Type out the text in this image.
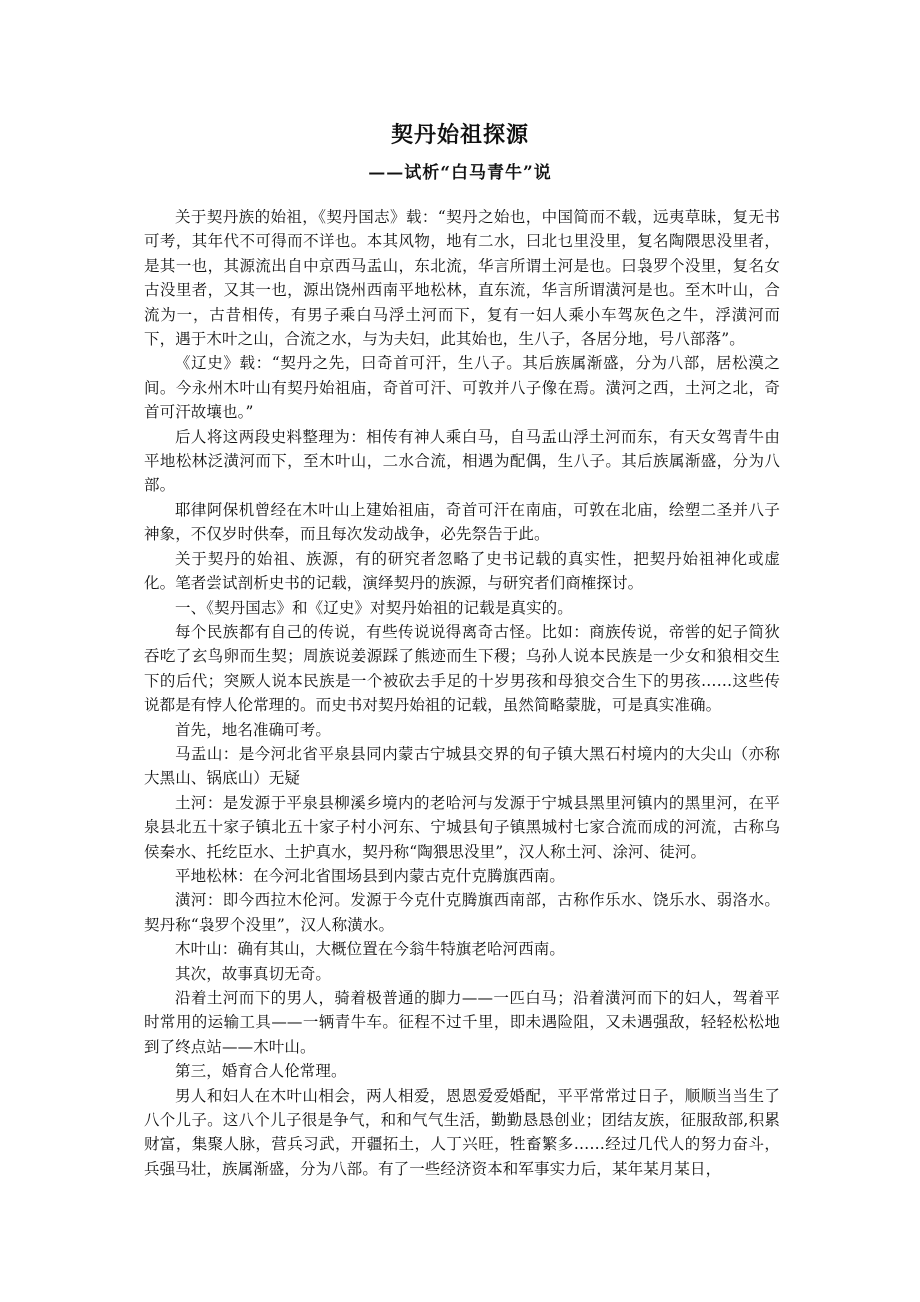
契丹始祖探源
——试析“白马青牛”说

关于契丹族的始祖，《契丹国志》载：“契丹之始也，中国简而不载，远夷草昧，复无书可考，其年代不可得而不详也。本其风物，地有二水，曰北乜里没里，复名陶隈思没里者，是其一也，其源流出自中京西马盂山，东北流，华言所谓土河是也。曰袅罗个没里，复名女古没里者，又其一也，源出饶州西南平地松林，直东流，华言所谓潢河是也。至木叶山，合流为一，古昔相传，有男子乘白马浮土河而下，复有一妇人乘小车驾灰色之牛，浮潢河而下，遇于木叶之山，合流之水，与为夫妇，此其始也，生八子，各居分地，号八部落”。

《辽史》载：“契丹之先，曰奇首可汗，生八子。其后族属渐盛，分为八部，居松漠之间。今永州木叶山有契丹始祖庙，奇首可汗、可敦并八子像在焉。潢河之西，土河之北，奇首可汗故壤也。”

后人将这两段史料整理为：相传有神人乘白马，自马盂山浮土河而东，有天女驾青牛由平地松林泛潢河而下，至木叶山，二水合流，相遇为配偶，生八子。其后族属渐盛，分为八部。

耶律阿保机曾经在木叶山上建始祖庙，奇首可汗在南庙，可敦在北庙，绘塑二圣并八子神象，不仅岁时供奉，而且每次发动战争，必先祭告于此。

关于契丹的始祖、族源，有的研究者忽略了史书记载的真实性，把契丹始祖神化或虚化。笔者尝试剖析史书的记载，演绎契丹的族源，与研究者们商榷探讨。

一、《契丹国志》和《辽史》对契丹始祖的记载是真实的。

每个民族都有自己的传说，有些传说说得离奇古怪。比如：商族传说，帝喾的妃子简狄吞吃了玄鸟卵而生契；周族说姜源踩了熊迹而生下稷；乌孙人说本民族是一少女和狼相交生下的后代；突厥人说本民族是一个被砍去手足的十岁男孩和母狼交合生下的男孩……这些传说都是有悖人伦常理的。而史书对契丹始祖的记载，虽然简略蒙胧，可是真实准确。

首先，地名准确可考。

马盂山：是今河北省平泉县同内蒙古宁城县交界的旬子镇大黑石村境内的大尖山（亦称大黑山、锅底山）无疑

土河：是发源于平泉县柳溪乡境内的老哈河与发源于宁城县黑里河镇内的黑里河，在平泉县北五十家子镇北五十家子村小河东、宁城县旬子镇黑城村七家合流而成的河流，古称乌侯秦水、托纥臣水、土护真水，契丹称“陶猥思没里”，汉人称土河、涂河、徒河。

平地松林：在今河北省围场县到内蒙古克什克腾旗西南。

潢河：即今西拉木伦河。发源于今克什克腾旗西南部，古称作乐水、饶乐水、弱洛水。契丹称“袅罗个没里”，汉人称潢水。

木叶山：确有其山，大概位置在今翁牛特旗老哈河西南。

其次，故事真切无奇。

沿着土河而下的男人，骑着极普通的脚力——一匹白马；沿着潢河而下的妇人，驾着平时常用的运输工具——一辆青牛车。征程不过千里，即未遇险阻，又未遇强敌，轻轻松松地到了终点站——木叶山。

第三，婚育合人伦常理。

男人和妇人在木叶山相会，两人相爱，恩恩爱爱婚配，平平常常过日子，顺顺当当生了八个儿子。这八个儿子很是争气，和和气气生活，勤勤恳恳创业；团结友族，征服敌部,积累财富，集聚人脉，营兵习武，开疆拓土，人丁兴旺，牲畜繁多……经过几代人的努力奋斗，兵强马壮，族属渐盛，分为八部。有了一些经济资本和军事实力后，某年某月某日，
